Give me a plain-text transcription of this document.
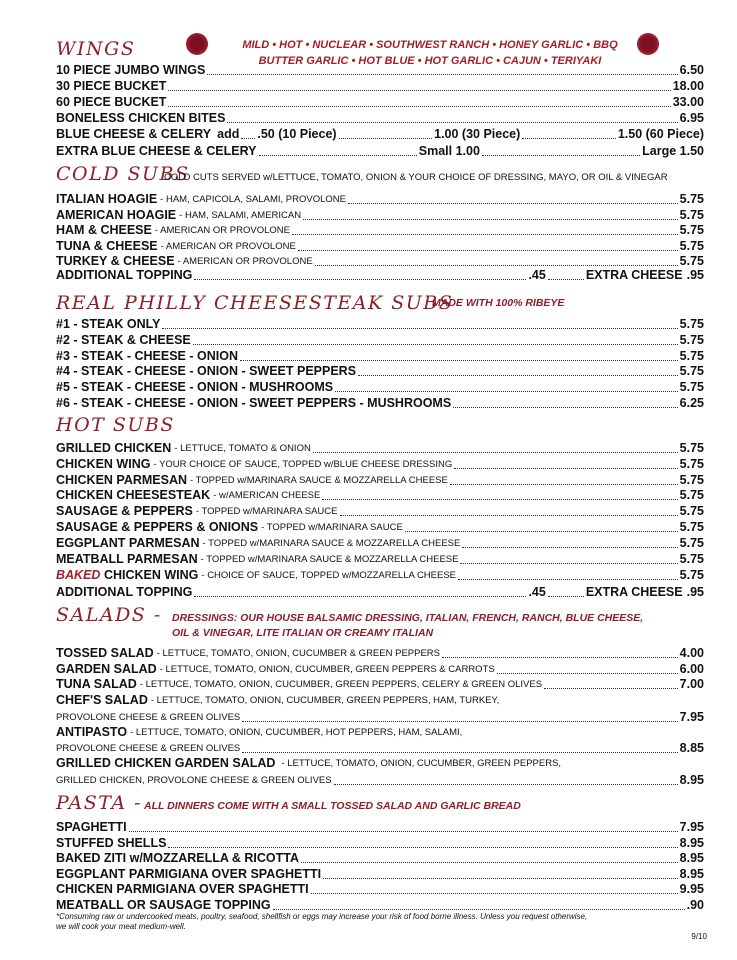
WINGS	MILD • HOT • NUCLEAR • SOUTHWEST RANCH • HONEY GARLIC • BBQ
BUTTER GARLIC • HOT BLUE • HOT GARLIC • CAJUN • TERIYAKI
10 PIECE JUMBO WINGS	6.50
30 PIECE BUCKET	18.00
60 PIECE BUCKET	33.00
BONELESS CHICKEN BITES	6.95
BLUE CHEESE & CELERY add .50 (10 Piece)	1.00 (30 Piece)	1.50 (60 Piece)
EXTRA BLUE CHEESE & CELERY	Small 1.00	Large 1.50
COLD SUBS
COLD CUTS SERVED w/LETTUCE, TOMATO, ONION & YOUR CHOICE OF DRESSING, MAYO, OR OIL & VINEGAR
ITALIAN HOAGIE - HAM, CAPICOLA, SALAMI, PROVOLONE	5.75
AMERICAN HOAGIE - HAM, SALAMI, AMERICAN	5.75
HAM & CHEESE - AMERICAN OR PROVOLONE	5.75
TUNA & CHEESE - AMERICAN OR PROVOLONE	5.75
TURKEY & CHEESE - AMERICAN OR PROVOLONE	5.75
ADDITIONAL TOPPING	.45	EXTRA CHEESE .95
REAL PHILLY CHEESESTEAK SUBS
MADE WITH 100% RIBEYE
#1 - STEAK ONLY	5.75
#2 - STEAK & CHEESE	5.75
#3 - STEAK - CHEESE - ONION	5.75
#4 - STEAK - CHEESE - ONION - SWEET PEPPERS	5.75
#5 - STEAK - CHEESE - ONION - MUSHROOMS	5.75
#6 - STEAK - CHEESE - ONION - SWEET PEPPERS - MUSHROOMS	6.25
HOT SUBS
GRILLED CHICKEN - LETTUCE, TOMATO & ONION	5.75
CHICKEN WING - YOUR CHOICE OF SAUCE, TOPPED w/BLUE CHEESE DRESSING	5.75
CHICKEN PARMESAN - TOPPED w/MARINARA SAUCE & MOZZARELLA CHEESE	5.75
CHICKEN CHEESESTEAK - w/AMERICAN CHEESE	5.75
SAUSAGE & PEPPERS - TOPPED w/MARINARA SAUCE	5.75
SAUSAGE & PEPPERS & ONIONS - TOPPED w/MARINARA SAUCE	5.75
EGGPLANT PARMESAN - TOPPED w/MARINARA SAUCE & MOZZARELLA CHEESE	5.75
MEATBALL PARMESAN - TOPPED w/MARINARA SAUCE & MOZZARELLA CHEESE	5.75
BAKED CHICKEN WING - CHOICE OF SAUCE, TOPPED w/MOZZARELLA CHEESE	5.75
ADDITIONAL TOPPING	.45	EXTRA CHEESE .95
SALADS - DRESSINGS: OUR HOUSE BALSAMIC DRESSING, ITALIAN, FRENCH, RANCH, BLUE CHEESE,
OIL & VINEGAR, LITE ITALIAN OR CREAMY ITALIAN
TOSSED SALAD - LETTUCE, TOMATO, ONION, CUCUMBER & GREEN PEPPERS	4.00
GARDEN SALAD - LETTUCE, TOMATO, ONION, CUCUMBER, GREEN PEPPERS & CARROTS	6.00
TUNA SALAD - LETTUCE, TOMATO, ONION, CUCUMBER, GREEN PEPPERS, CELERY & GREEN OLIVES	7.00
CHEF'S SALAD - LETTUCE, TOMATO, ONION, CUCUMBER, GREEN PEPPERS, HAM, TURKEY,
PROVOLONE CHEESE & GREEN OLIVES	7.95
ANTIPASTO - LETTUCE, TOMATO, ONION, CUCUMBER, HOT PEPPERS, HAM, SALAMI,
PROVOLONE CHEESE & GREEN OLIVES	8.85
GRILLED CHICKEN GARDEN SALAD - LETTUCE, TOMATO, ONION, CUCUMBER, GREEN PEPPERS,
GRILLED CHICKEN, PROVOLONE CHEESE & GREEN OLIVES	8.95
PASTA - ALL DINNERS COME WITH A SMALL TOSSED SALAD AND GARLIC BREAD
SPAGHETTI	7.95
STUFFED SHELLS	8.95
BAKED ZITI w/MOZZARELLA & RICOTTA	8.95
EGGPLANT PARMIGIANA OVER SPAGHETTI	8.95
CHICKEN PARMIGIANA OVER SPAGHETTI	9.95
MEATBALL OR SAUSAGE TOPPING	.90
*Consuming raw or undercooked meats, poultry, seafood, shellfish or eggs may increase your risk of food borne illness. Unless you request otherwise,
we will cook your meat medium-well.
9/10
